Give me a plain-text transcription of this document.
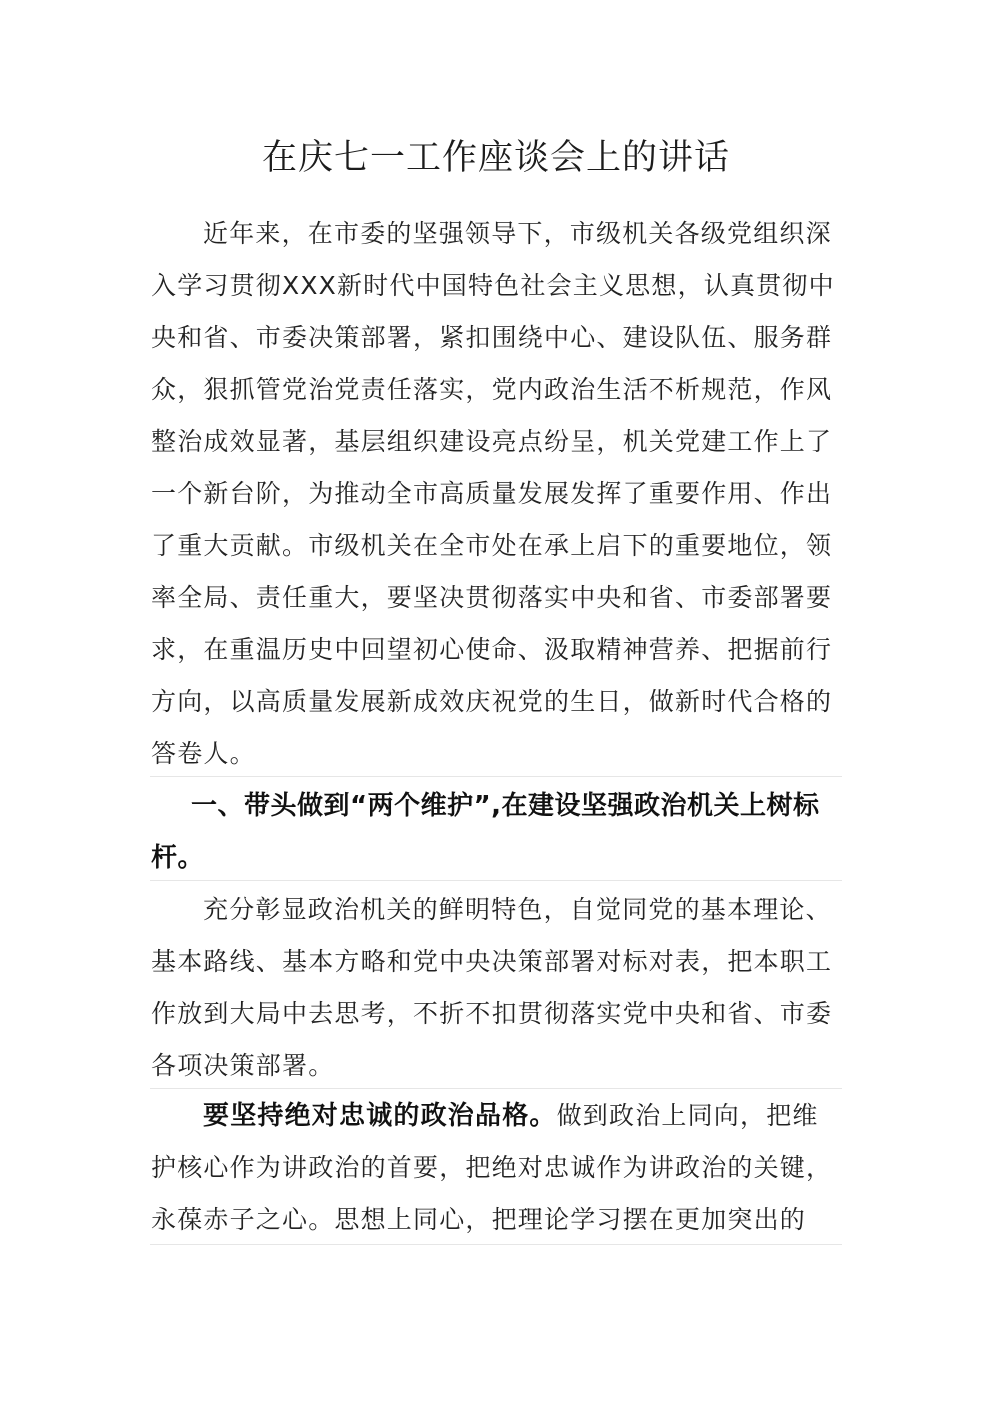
在庆七一工作座谈会上的讲话

近年来，在市委的坚强领导下，市级机关各级党组织深入学习贯彻XXX新时代中国特色社会主义思想，认真贯彻中央和省、市委决策部署，紧扣围绕中心、建设队伍、服务群众，狠抓管党治党责任落实，党内政治生活不析规范，作风整治成效显著，基层组织建设亮点纷呈，机关党建工作上了一个新台阶，为推动全市高质量发展发挥了重要作用、作出了重大贡献。市级机关在全市处在承上启下的重要地位，领率全局、责任重大，要坚决贯彻落实中央和省、市委部署要求，在重温历史中回望初心使命、汲取精神营养、把据前行方向，以高质量发展新成效庆祝党的生日，做新时代合格的答卷人。

一、带头做到“两个维护”,在建设坚强政治机关上树标杆。

充分彰显政治机关的鲜明特色，自觉同党的基本理论、基本路线、基本方略和党中央决策部署对标对表，把本职工作放到大局中去思考，不折不扣贯彻落实党中央和省、市委各项决策部署。

要坚持绝对忠诚的政治品格。做到政治上同向，把维护核心作为讲政治的首要，把绝对忠诚作为讲政治的关键，永葆赤子之心。思想上同心，把理论学习摆在更加突出的
